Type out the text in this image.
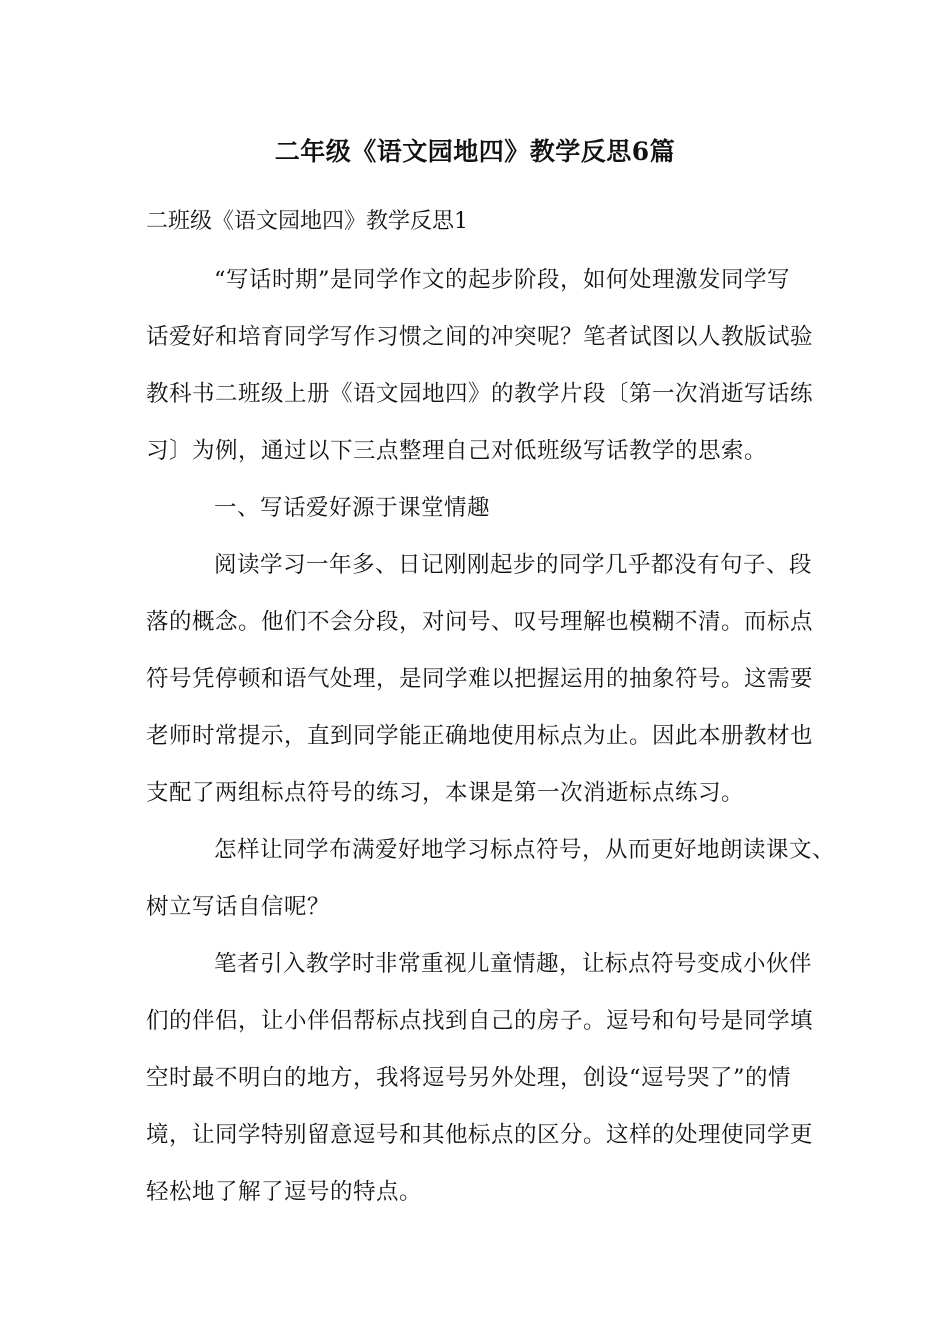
二年级《语文园地四》教学反思6篇
二班级《语文园地四》教学反思1
“写话时期”是同学作文的起步阶段，如何处理激发同学写
话爱好和培育同学写作习惯之间的冲突呢？笔者试图以人教版试验
教科书二班级上册《语文园地四》的教学片段〔第一次消逝写话练
习〕为例，通过以下三点整理自己对低班级写话教学的思索。
一、写话爱好源于课堂情趣
阅读学习一年多、日记刚刚起步的同学几乎都没有句子、段
落的概念。他们不会分段，对问号、叹号理解也模糊不清。而标点
符号凭停顿和语气处理，是同学难以把握运用的抽象符号。这需要
老师时常提示，直到同学能正确地使用标点为止。因此本册教材也
支配了两组标点符号的练习，本课是第一次消逝标点练习。
怎样让同学布满爱好地学习标点符号，从而更好地朗读课文、
树立写话自信呢？
笔者引入教学时非常重视儿童情趣，让标点符号变成小伙伴
们的伴侣，让小伴侣帮标点找到自己的房子。逗号和句号是同学填
空时最不明白的地方，我将逗号另外处理，创设“逗号哭了”的情
境，让同学特别留意逗号和其他标点的区分。这样的处理使同学更
轻松地了解了逗号的特点。
